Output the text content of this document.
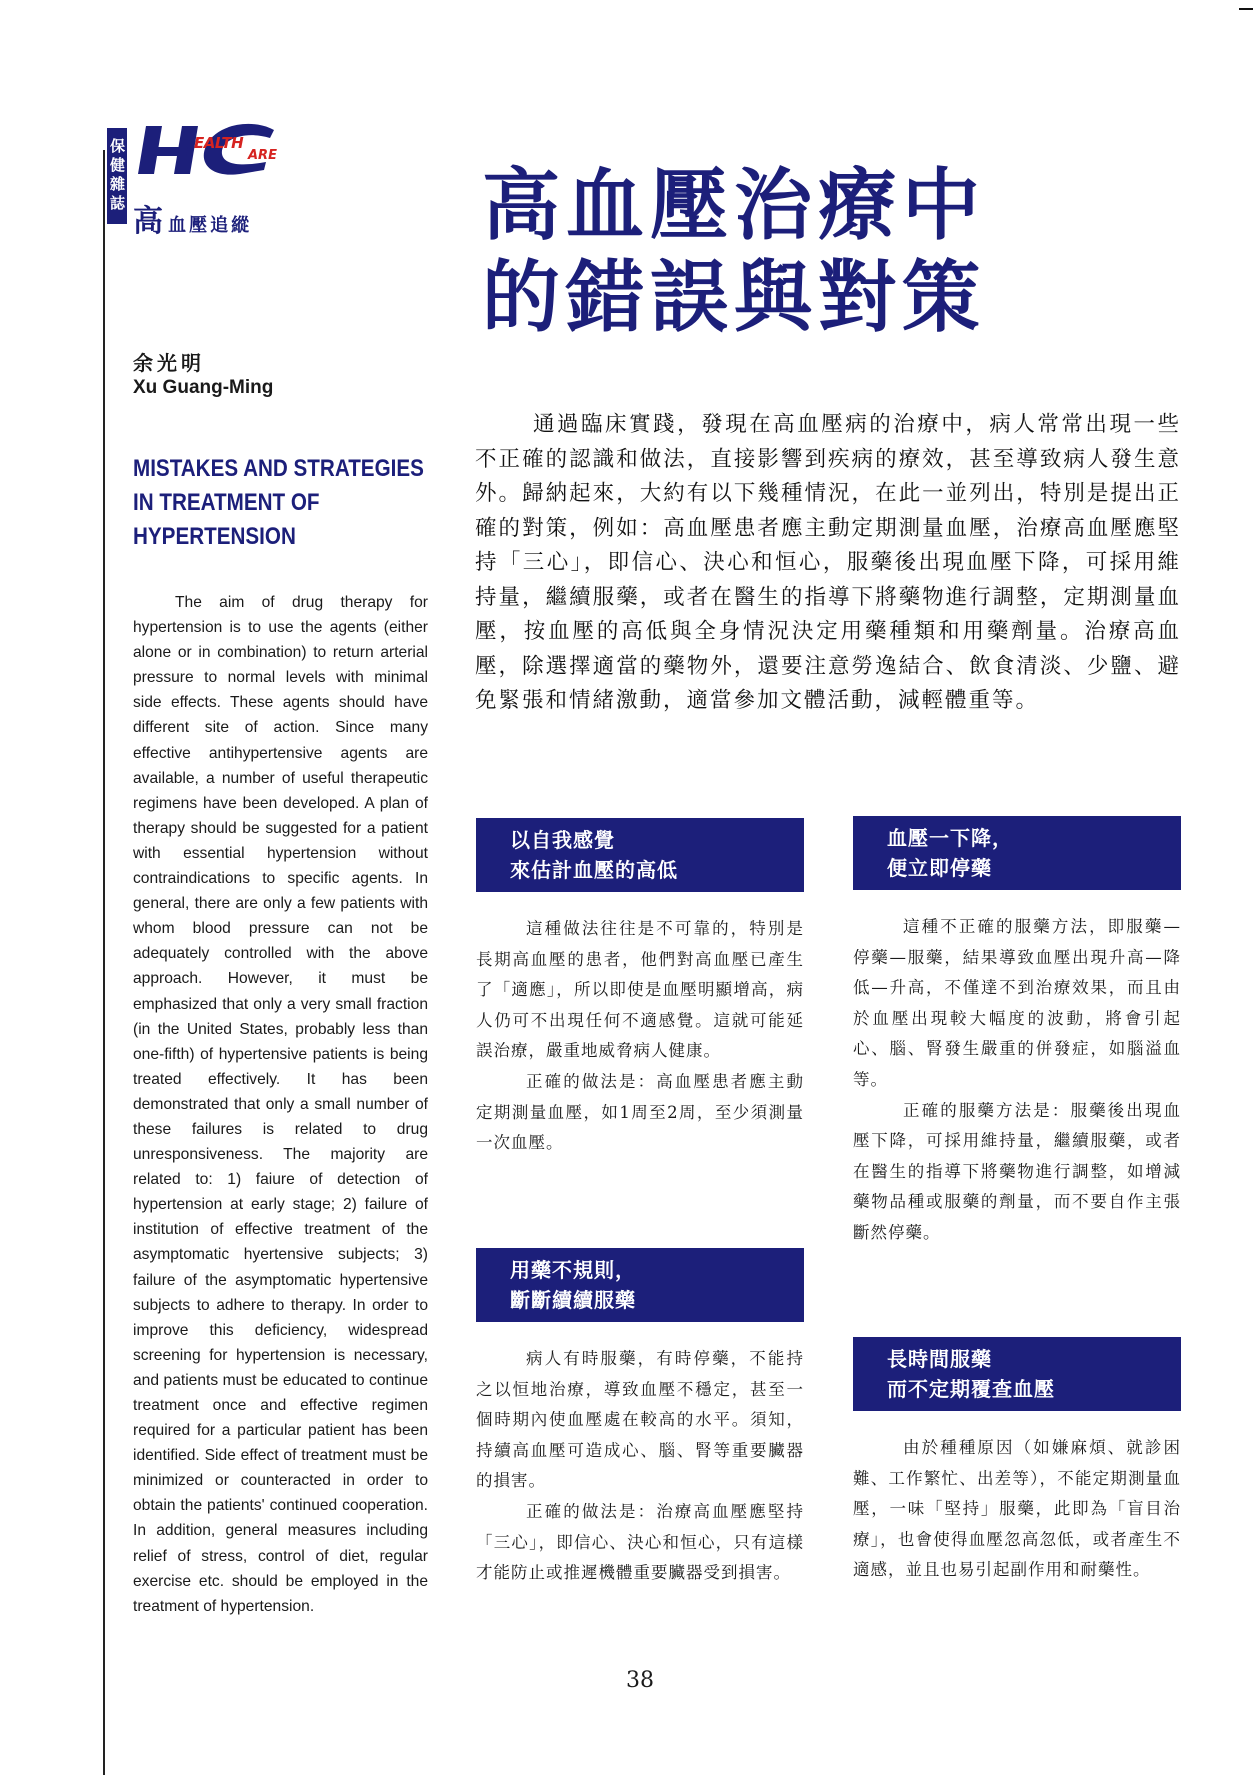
保健雜誌	EALTH
ARE
高 血壓追縱	高血壓治療中
的錯誤與對策
余光明
Xu Guang-Ming
MISTAKES AND STRATEGIES
IN TREATMENT OF
HYPERTENSION

The aim of drug therapy for hypertension is to use the agents (either alone or in combination) to return arterial pressure to normal levels with minimal side effects. These agents should have different site of action. Since many effective antihypertensive agents are available, a number of useful therapeutic regimens have been developed. A plan of therapy should be suggested for a patient with essential hypertension without contraindications to specific agents. In general, there are only a few patients with whom blood pressure can not be adequately controlled with the above approach. However, it must be emphasized that only a very small fraction (in the United States, probably less than one-fifth) of hypertensive patients is being treated effectively. It has been demonstrated that only a small number of these failures is related to drug unresponsiveness. The majority are related to: 1) faiure of detection of hypertension at early stage; 2) failure of institution of effective treatment of the asymptomatic hyertensive subjects; 3) failure of the asymptomatic hypertensive subjects to adhere to therapy. In order to improve this deficiency, widespread screening for hypertension is necessary, and patients must be educated to continue treatment once and effective regimen required for a particular patient has been identified. Side effect of treatment must be minimized or counteracted in order to obtain the patients' continued cooperation. In addition, general measures including relief of stress, control of diet, regular exercise etc. should be employed in the treatment of hypertension.

通過臨床實踐，發現在高血壓病的治療中，病人常常出現一些不正確的認識和做法，直接影響到疾病的療效，甚至導致病人發生意外。歸納起來，大約有以下幾種情況，在此一並列出，特別是提出正確的對策，例如：高血壓患者應主動定期測量血壓，治療高血壓應堅持「三心」，即信心、決心和恒心，服藥後出現血壓下降，可採用維持量，繼續服藥，或者在醫生的指導下將藥物進行調整，定期測量血壓，按血壓的高低與全身情況決定用藥種類和用藥劑量。治療高血壓，除選擇適當的藥物外，還要注意勞逸結合、飲食清淡、少鹽、避免緊張和情緒激動，適當參加文體活動，減輕體重等。

以自我感覺
來估計血壓的高低

這種做法往往是不可靠的，特別是長期高血壓的患者，他們對高血壓已產生了「適應」，所以即使是血壓明顯增高，病人仍可不出現任何不適感覺。這就可能延誤治療，嚴重地威脅病人健康。

正確的做法是：高血壓患者應主動定期測量血壓，如1周至2周，至少須測量一次血壓。

用藥不規則，
斷斷續續服藥

病人有時服藥，有時停藥，不能持之以恒地治療，導致血壓不穩定，甚至一個時期內使血壓處在較高的水平。須知，持續高血壓可造成心、腦、腎等重要臟器的損害。

正確的做法是：治療高血壓應堅持「三心」，即信心、決心和恒心，只有這樣才能防止或推遲機體重要臟器受到損害。

血壓一下降，
便立即停藥

這種不正確的服藥方法，即服藥—停藥—服藥，結果導致血壓出現升高—降低—升高，不僅達不到治療效果，而且由於血壓出現較大幅度的波動，將會引起心、腦、腎發生嚴重的併發症，如腦溢血等。

正確的服藥方法是：服藥後出現血壓下降，可採用維持量，繼續服藥，或者在醫生的指導下將藥物進行調整，如增減藥物品種或服藥的劑量，而不要自作主張斷然停藥。

長時間服藥
而不定期覆查血壓

由於種種原因（如嫌麻煩、就診困難、工作繁忙、出差等），不能定期測量血壓，一味「堅持」服藥，此即為「盲目治療」，也會使得血壓忽高忽低，或者產生不適感，並且也易引起副作用和耐藥性。

38
